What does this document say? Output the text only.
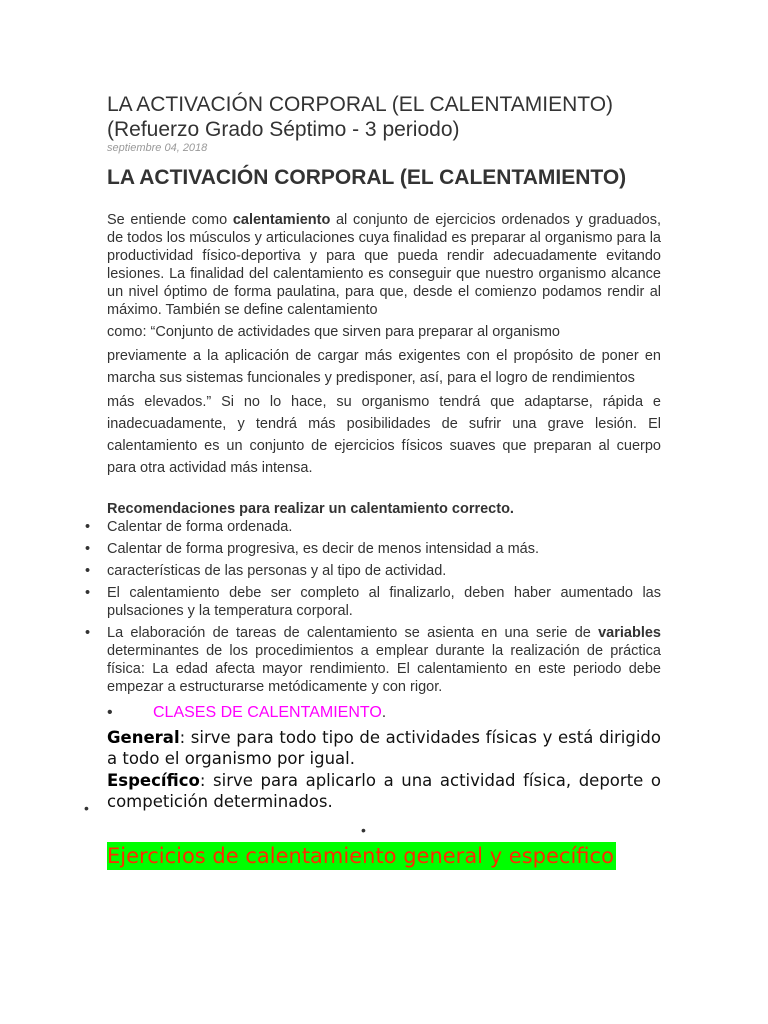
LA ACTIVACIÓN CORPORAL (EL CALENTAMIENTO)
(Refuerzo Grado Séptimo - 3 periodo)

septiembre 04, 2018

LA ACTIVACIÓN CORPORAL (EL CALENTAMIENTO)
Se entiende como calentamiento al conjunto de ejercicios ordenados y graduados, de todos los músculos y articulaciones cuya finalidad es preparar al organismo para la productividad físico-deportiva y para que pueda rendir adecuadamente evitando lesiones. La finalidad del calentamiento es conseguir que nuestro organismo alcance un nivel óptimo de forma paulatina, para que, desde el comienzo podamos rendir al máximo. También se define calentamiento
como: “Conjunto de actividades que sirven para preparar al organismo
previamente a la aplicación de cargar más exigentes con el propósito de poner en marcha sus sistemas funcionales y predisponer, así, para el logro de rendimientos
más elevados.” Si no lo hace, su organismo tendrá que adaptarse, rápida e inadecuadamente, y tendrá más posibilidades de sufrir una grave lesión. El calentamiento es un conjunto de ejercicios físicos suaves que preparan al cuerpo para otra actividad más intensa.

Recomendaciones para realizar un calentamiento correcto.

• Calentar de forma ordenada.
• Calentar de forma progresiva, es decir de menos intensidad a más.
• características de las personas y al tipo de actividad.
• El calentamiento debe ser completo al finalizarlo, deben haber aumentado las pulsaciones y la temperatura corporal.
• La elaboración de tareas de calentamiento se asienta en una serie de variables determinantes de los procedimientos a emplear durante la realización de práctica física: La edad afecta mayor rendimiento. El calentamiento en este periodo debe empezar a estructurarse metódicamente y con rigor.

•	CLASES DE CALENTAMIENTO.

General: sirve para todo tipo de actividades físicas y está dirigido a todo el organismo por igual.

Específico: sirve para aplicarlo a una actividad física, deporte o competición determinados.

•
•
Ejercicios de calentamiento general y específico
